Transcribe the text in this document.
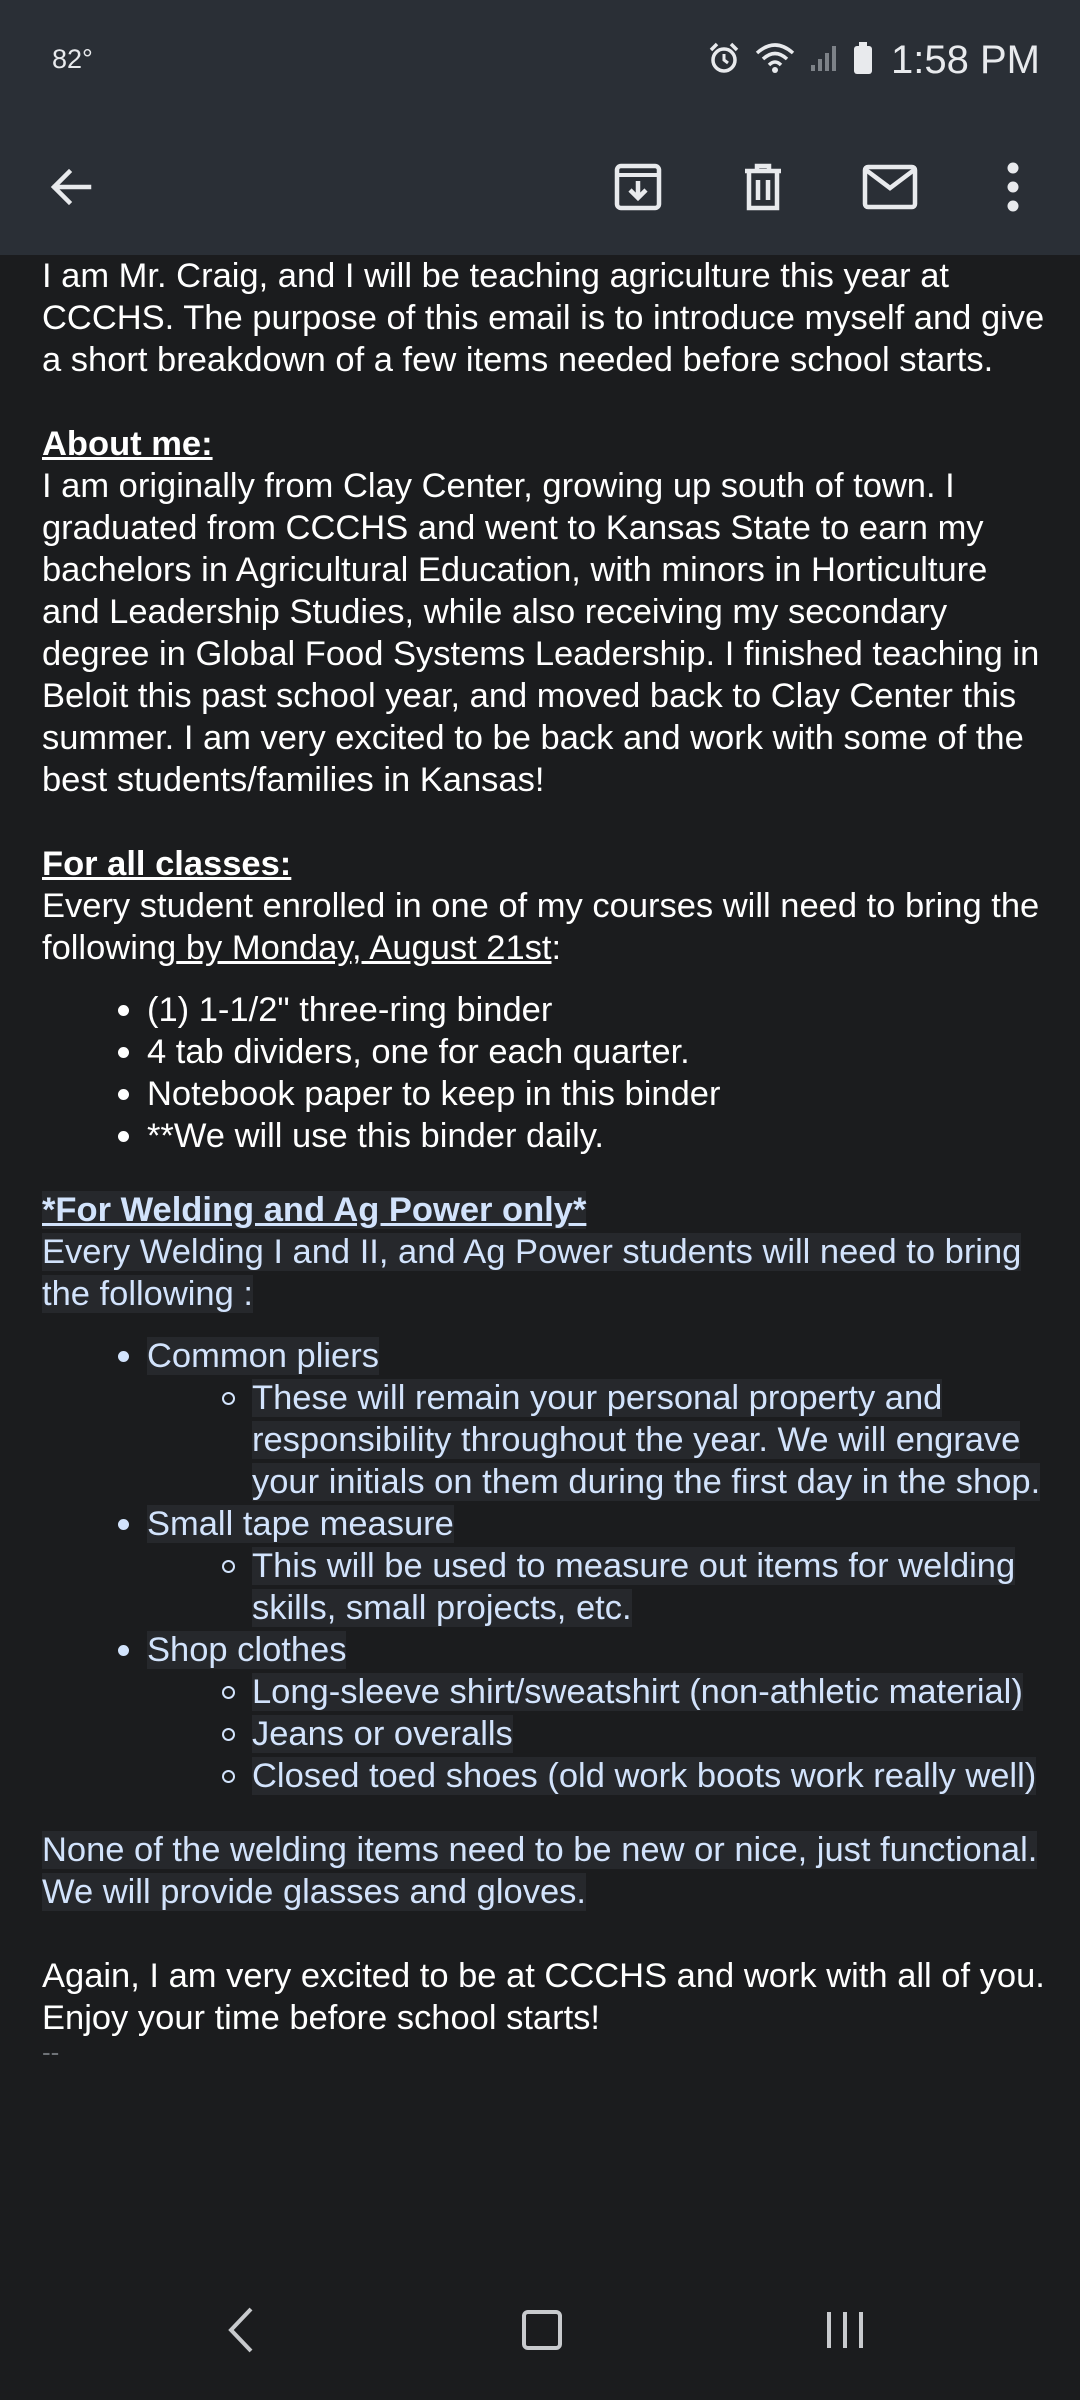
82°	1:58 PM

I am Mr. Craig, and I will be teaching agriculture this year at CCCHS. The purpose of this email is to introduce myself and give a short breakdown of a few items needed before school starts.

About me:

I am originally from Clay Center, growing up south of town. I graduated from CCCHS and went to Kansas State to earn my bachelors in Agricultural Education, with minors in Horticulture and Leadership Studies, while also receiving my secondary degree in Global Food Systems Leadership. I finished teaching in Beloit this past school year, and moved back to Clay Center this summer. I am very excited to be back and work with some of the best students/families in Kansas!

For all classes:

Every student enrolled in one of my courses will need to bring the following by Monday, August 21st:

(1) 1-1/2" three-ring binder
4 tab dividers, one for each quarter.
Notebook paper to keep in this binder
**We will use this binder daily.

*For Welding and Ag Power only*

Every Welding I and II, and Ag Power students will need to bring the following :

Common pliers
These will remain your personal property and responsibility throughout the year. We will engrave your initials on them during the first day in the shop.
Small tape measure
This will be used to measure out items for welding skills, small projects, etc.
Shop clothes
Long-sleeve shirt/sweatshirt (non-athletic material)
Jeans or overalls
Closed toed shoes (old work boots work really well)

None of the welding items need to be new or nice, just functional. We will provide glasses and gloves.

Again, I am very excited to be at CCCHS and work with all of you. Enjoy your time before school starts!

--
